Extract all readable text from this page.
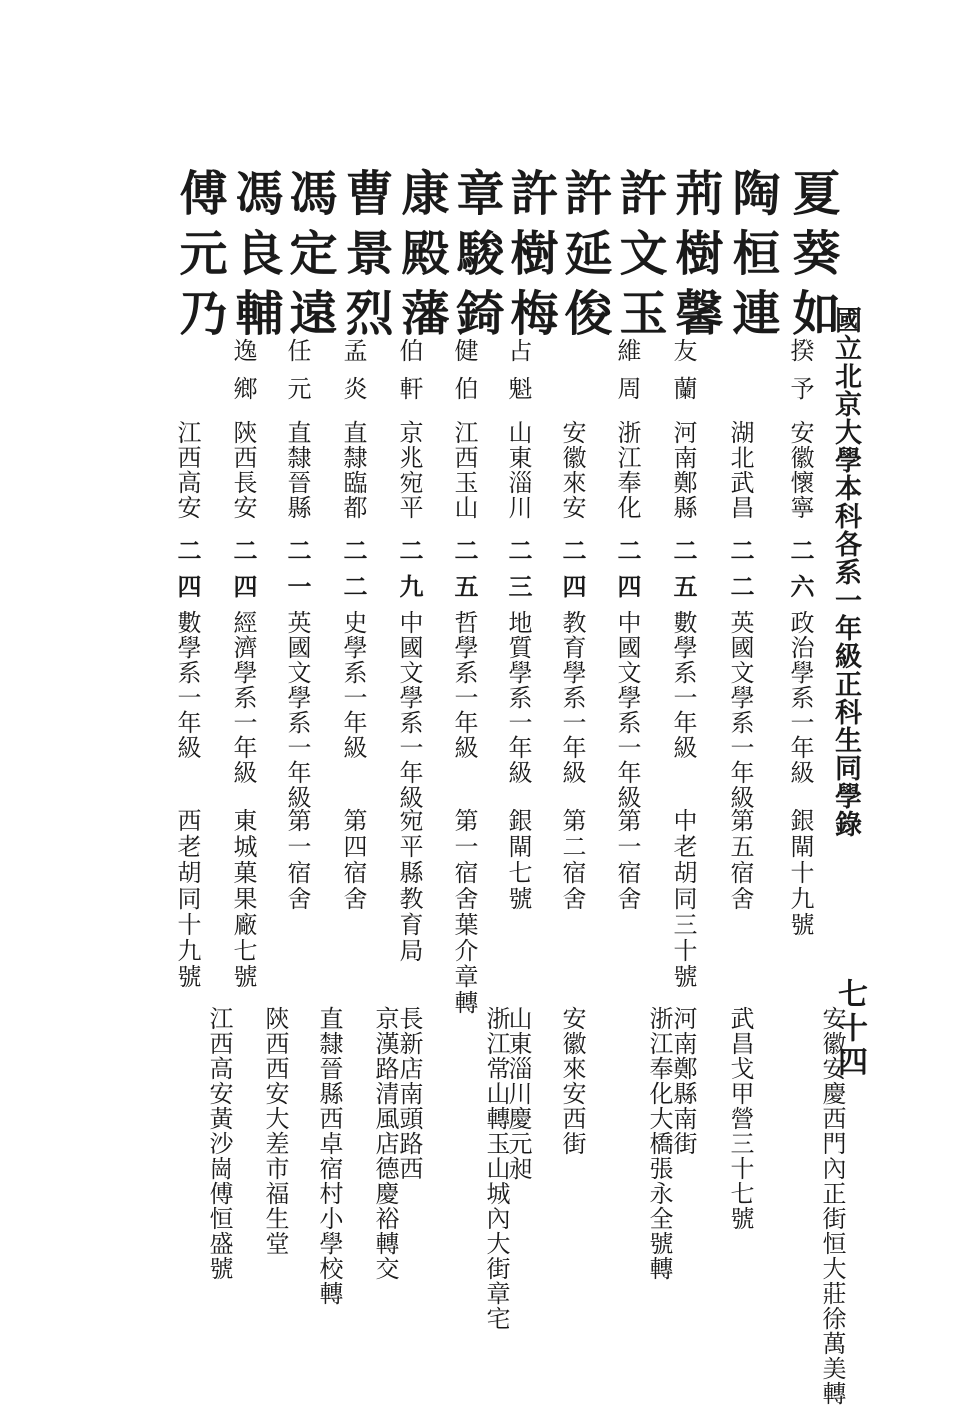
國立北京大學本科各系一年級正科生同學錄
七十四
夏葵如
揆予
安徽懷寧
二六
政治學系一年級
銀閘十九號
安徽安慶西門內正街恒大莊徐萬美轉
陶桓連
湖北武昌
二二
英國文學系一年級
第五宿舍
武昌戈甲營三十七號
荊樹馨
友蘭
河南鄭縣
二五
數學系一年級
中老胡同三十號
河南鄭縣南街
許文玉
維周
浙江奉化
二四
中國文學系一年級
第一宿舍
浙江奉化大橋張永全號轉
許延俊
安徽來安
二四
教育學系一年級
第二宿舍
安徽來安西街
許樹梅
占魁
山東淄川
二三
地質學系一年級
銀閘七號
山東淄川慶元昶
章駿錡
健伯
江西玉山
二五
哲學系一年級
第一宿舍葉介章轉
浙江常山轉玉山城內大街章宅
康殿藩
伯軒
京兆宛平
二九
中國文學系一年級
宛平縣教育局
長新店南頭路西
曹景烈
孟炎
直隸臨都
二二
史學系一年級
第四宿舍
京漢路清風店德慶裕轉交
馮定遠
任元
直隸晉縣
二一
英國文學系一年級
第一宿舍
直隸晉縣西卓宿村小學校轉
馮良輔
逸鄉
陝西長安
二四
經濟學系一年級
東城菓果廠七號
陝西西安大差市福生堂
傅元乃
江西高安
二四
數學系一年級
西老胡同十九號
江西高安黃沙崗傅恒盛號
